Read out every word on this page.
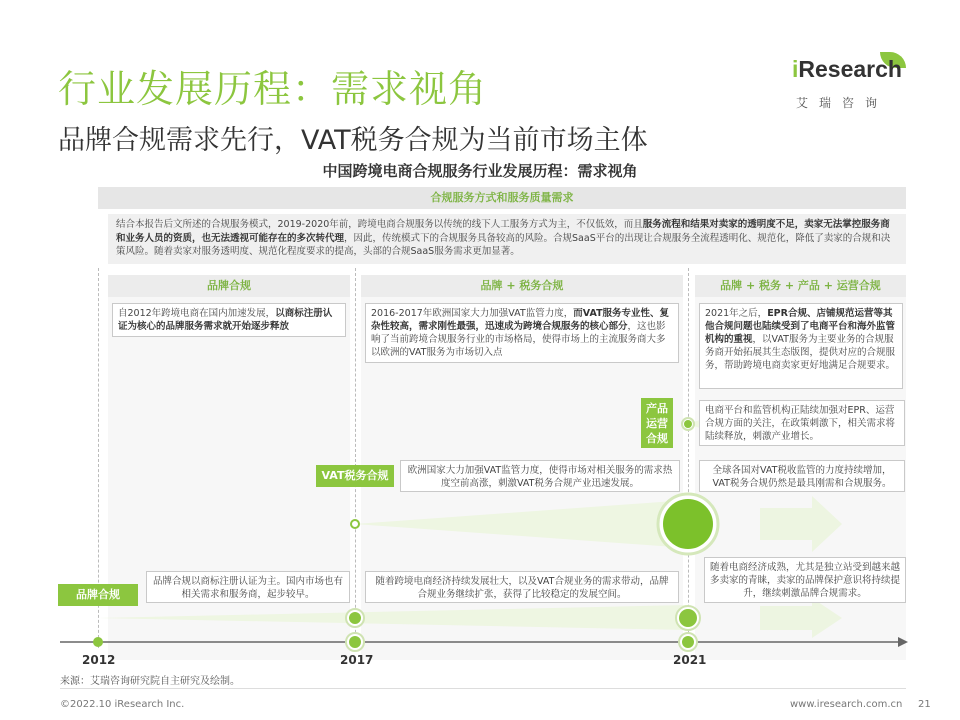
行业发展历程：需求视角
品牌合规需求先行，VAT税务合规为当前市场主体
iResearch
艾瑞咨询
中国跨境电商合规服务行业发展历程：需求视角
合规服务方式和服务质量需求
结合本报告后文所述的合规服务模式，2019-2020年前，跨境电商合规服务以传统的线下人工服务方式为主，不仅低效，而且服务流程和结果对卖家的透明度不足，卖家无法掌控服务商和业务人员的资质，也无法透视可能存在的多次转代理，因此，传统模式下的合规服务具备较高的风险。合规SaaS平台的出现让合规服务全流程透明化、规范化，降低了卖家的合规和决策风险。随着卖家对服务透明度、规范化程度要求的提高，头部的合规SaaS服务需求更加显著。
品牌合规	品牌 + 税务合规	品牌 + 税务 + 产品 + 运营合规
自2012年跨境电商在国内加速发展，以商标注册认证为核心的品牌服务需求就开始逐步释放
2016-2017年欧洲国家大力加强VAT监管力度，而VAT服务专业性、复杂性较高，需求刚性最强，迅速成为跨境合规服务的核心部分，这也影响了当前跨境合规服务行业的市场格局，使得市场上的主流服务商大多以欧洲的VAT服务为市场切入点
2021年之后，EPR合规、店铺规范运营等其他合规问题也陆续受到了电商平台和海外监管机构的重视，以VAT服务为主要业务的合规服务商开始拓展其生态版图，提供对应的合规服务，帮助跨境电商卖家更好地满足合规要求。
产品
运营
合规
VAT税务合规
品牌合规
电商平台和监管机构正陆续加强对EPR、运营合规方面的关注，在政策刺激下，相关需求将陆续释放，刺激产业增长。
欧洲国家大力加强VAT监管力度，使得市场对相关服务的需求热度空前高涨，刺激VAT税务合规产业迅速发展。
全球各国对VAT税收监管的力度持续增加，VAT税务合规仍然是最具刚需和合规服务。
品牌合规以商标注册认证为主。国内市场也有相关需求和服务商，起步较早。
随着跨境电商经济持续发展壮大，以及VAT合规业务的需求带动，品牌合规业务继续扩张，获得了比较稳定的发展空间。
随着电商经济成熟，尤其是独立站受到越来越多卖家的青睐，卖家的品牌保护意识将持续提升，继续刺激品牌合规需求。
2012	2017	2021
来源：艾瑞咨询研究院自主研究及绘制。
©2022.10 iResearch Inc.	www.iresearch.com.cn 21
